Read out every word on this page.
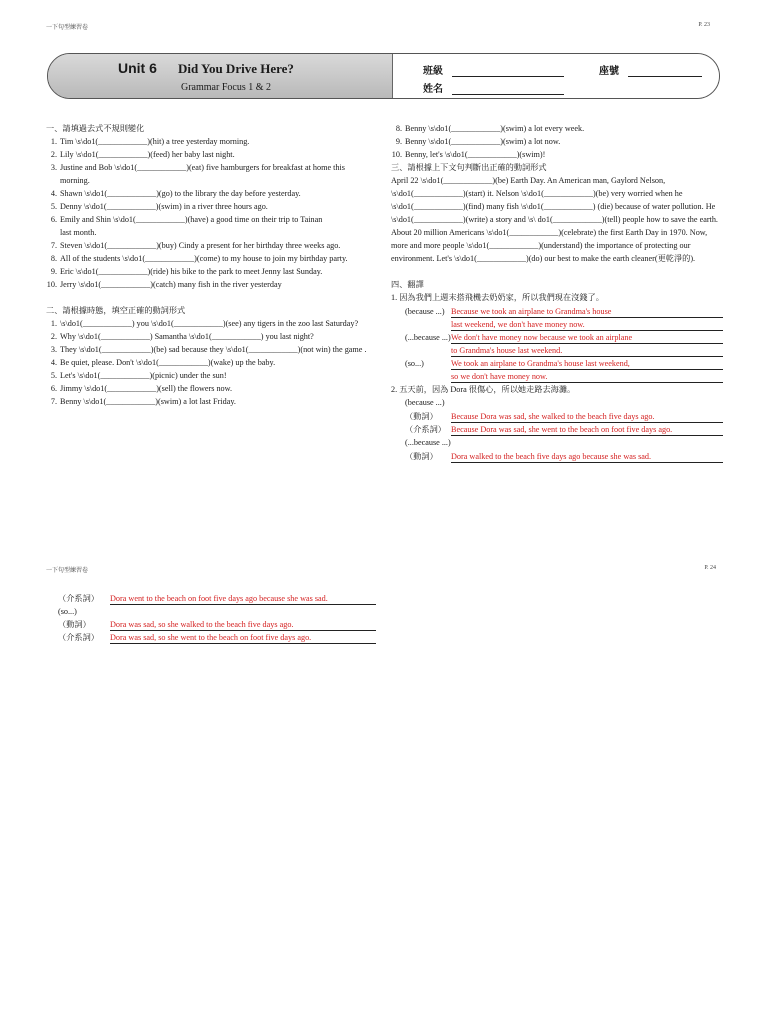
一下句型練習卷	P. 23
Unit 6 Did You Drive Here?
Grammar Focus 1 & 2
班級	座號
姓名
一、請填過去式不規則變化
1. Tim \s\do1(____________)(hit) a tree yesterday morning.
2. Lily \s\do1(____________)(feed) her baby last night.
3. Justine and Bob \s\do1(____________)(eat) five hamburgers for breakfast at home this morning.
4. Shawn \s\do1(____________)(go) to the library the day before yesterday.
5. Denny \s\do1(____________)(swim) in a river three hours ago.
6. Emily and Shin \s\do1(____________)(have) a good time on their trip to Tainan
last month.
7. Steven \s\do1(____________)(buy) Cindy a present for her birthday three weeks ago.
8. All of the students \s\do1(____________)(come) to my house to join my birthday party.
9. Eric \s\do1(____________)(ride) his bike to the park to meet Jenny last Sunday.
10. Jerry \s\do1(____________)(catch) many fish in the river yesterday
二、請根據時態，填空正確的動詞形式
1. \s\do1(____________) you \s\do1(____________)(see) any tigers in the zoo last Saturday?
2. Why \s\do1(____________) Samantha \s\do1(____________) you last night?
3. They \s\do1(____________)(be) sad because they \s\do1(____________)(not win) the game .
4. Be quiet, please. Don't \s\do1(____________)(wake) up the baby.
5. Let's \s\do1(____________)(picnic) under the sun!
6. Jimmy \s\do1(____________)(sell) the flowers now.
7. Benny \s\do1(____________)(swim) a lot last Friday.
8. Benny \s\do1(____________)(swim) a lot every week.
9. Benny \s\do1(____________)(swim) a lot now.
10. Benny, let's \s\do1(____________)(swim)!
三、請根據上下文句判斷出正確的動詞形式
April 22 \s\do1(____________)(be) Earth Day. An American man, Gaylord Nelson, \s\do1(____________)(start) it. Nelson \s\do1(____________)(be) very worried when he \s\do1(____________)(find) many fish \s\do1(____________) (die) because of water pollution. He \s\do1(____________)(write) a story and \s\ do1(____________)(tell) people how to save the earth. About 20 million Americans \s\do1(____________)(celebrate) the first Earth Day in 1970. Now, more and more people \s\do1(____________)(understand) the importance of protecting our environment. Let's \s\do1(____________)(do) our best to make the earth cleaner(更乾淨的).
四、翻譯
1. 因為我們上週末搭飛機去奶奶家，所以我們現在沒錢了。
(because ...) Because we took an airplane to Grandma's house
last weekend, we don't have money now.
(...because ...) We don't have money now because we took an airplane
to Grandma's house last weekend.
(so...)	We took an airplane to Grandma's house last weekend,
so we don't have money now.
2. 五天前，因為 Dora 很傷心，所以她走路去海灘。
(because ...)
（動詞）	Because Dora was sad, she walked to the beach five days ago.
（介系詞） Because Dora was sad, she went to the beach on foot five days ago.
(...because ...)
（動詞）	Dora walked to the beach five days ago because she was sad.
一下句型練習卷	P. 24
（介系詞）	Dora went to the beach on foot five days ago because she was sad.
(so...)
（動詞）	Dora was sad, so she walked to the beach five days ago.
（介系詞）	Dora was sad, so she went to the beach on foot five days ago.
